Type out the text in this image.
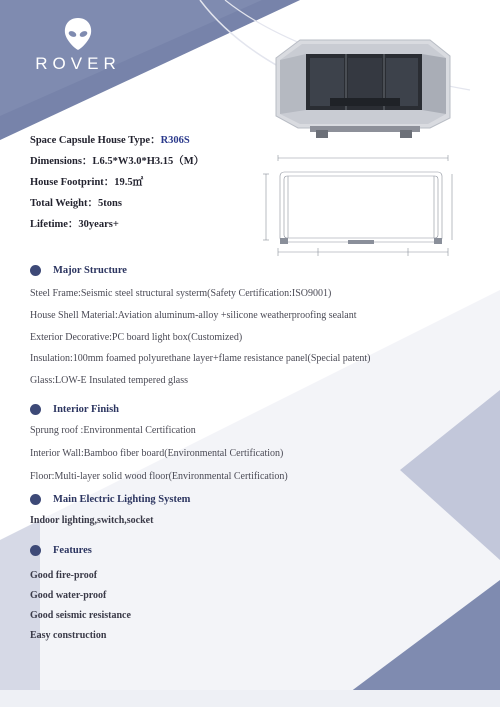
ROVER
Space Capsule House Type：R306S
Dimensions：L6.5*W3.0*H3.15（M）
House Footprint：19.5㎡
Total Weight：5tons
Lifetime：30years+
Major Structure
Steel Frame:Seismic steel structural systerm(Safety Certification:ISO9001)
House Shell Material:Aviation aluminum-alloy +silicone weatherproofing sealant
Exterior Decorative:PC board light box(Customized)
Insulation:100mm foamed polyurethane layer+flame resistance panel(Special patent)
Glass:LOW-E Insulated tempered glass
Interior Finish
Sprung roof :Environmental Certification
Interior Wall:Bamboo fiber board(Environmental Certification)
Floor:Multi-layer solid wood floor(Environmental Certification)
Main Electric Lighting System
Indoor lighting,switch,socket
Features
Good fire-proof
Good water-proof
Good seismic resistance
Easy construction
